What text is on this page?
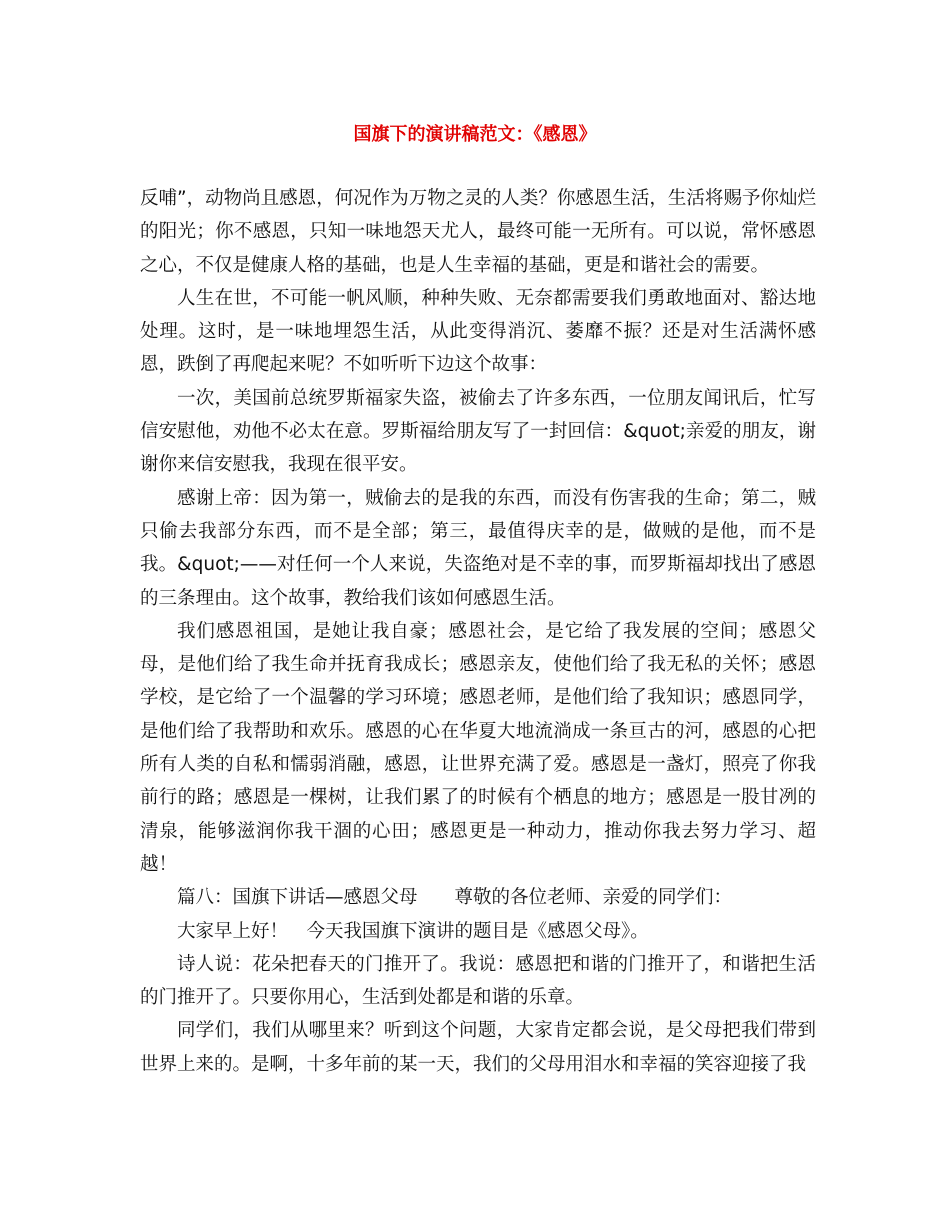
国旗下的演讲稿范文：《感恩》

反哺”，动物尚且感恩，何况作为万物之灵的人类？你感恩生活，生活将赐予你灿烂的阳光；你不感恩，只知一味地怨天尤人，最终可能一无所有。可以说，常怀感恩之心，不仅是健康人格的基础，也是人生幸福的基础，更是和谐社会的需要。

人生在世，不可能一帆风顺，种种失败、无奈都需要我们勇敢地面对、豁达地处理。这时，是一味地埋怨生活，从此变得消沉、萎靡不振？还是对生活满怀感恩，跌倒了再爬起来呢？不如听听下边这个故事：

一次，美国前总统罗斯福家失盗，被偷去了许多东西，一位朋友闻讯后，忙写信安慰他，劝他不必太在意。罗斯福给朋友写了一封回信：&quot;亲爱的朋友，谢谢你来信安慰我，我现在很平安。

感谢上帝：因为第一，贼偷去的是我的东西，而没有伤害我的生命；第二，贼只偷去我部分东西，而不是全部；第三，最值得庆幸的是，做贼的是他，而不是我。&quot;——对任何一个人来说，失盗绝对是不幸的事，而罗斯福却找出了感恩的三条理由。这个故事，教给我们该如何感恩生活。

我们感恩祖国，是她让我自豪；感恩社会，是它给了我发展的空间；感恩父母，是他们给了我生命并抚育我成长；感恩亲友，使他们给了我无私的关怀；感恩学校，是它给了一个温馨的学习环境；感恩老师，是他们给了我知识；感恩同学，是他们给了我帮助和欢乐。感恩的心在华夏大地流淌成一条亘古的河，感恩的心把所有人类的自私和懦弱消融，感恩，让世界充满了爱。感恩是一盏灯，照亮了你我前行的路；感恩是一棵树，让我们累了的时候有个栖息的地方；感恩是一股甘冽的清泉，能够滋润你我干涸的心田；感恩更是一种动力，推动你我去努力学习、超越！

篇八：国旗下讲话—感恩父母　　尊敬的各位老师、亲爱的同学们：

大家早上好！　今天我国旗下演讲的题目是《感恩父母》。

诗人说：花朵把春天的门推开了。我说：感恩把和谐的门推开了，和谐把生活的门推开了。只要你用心，生活到处都是和谐的乐章。

同学们，我们从哪里来？听到这个问题，大家肯定都会说，是父母把我们带到世界上来的。是啊，十多年前的某一天，我们的父母用泪水和幸福的笑容迎接了我
